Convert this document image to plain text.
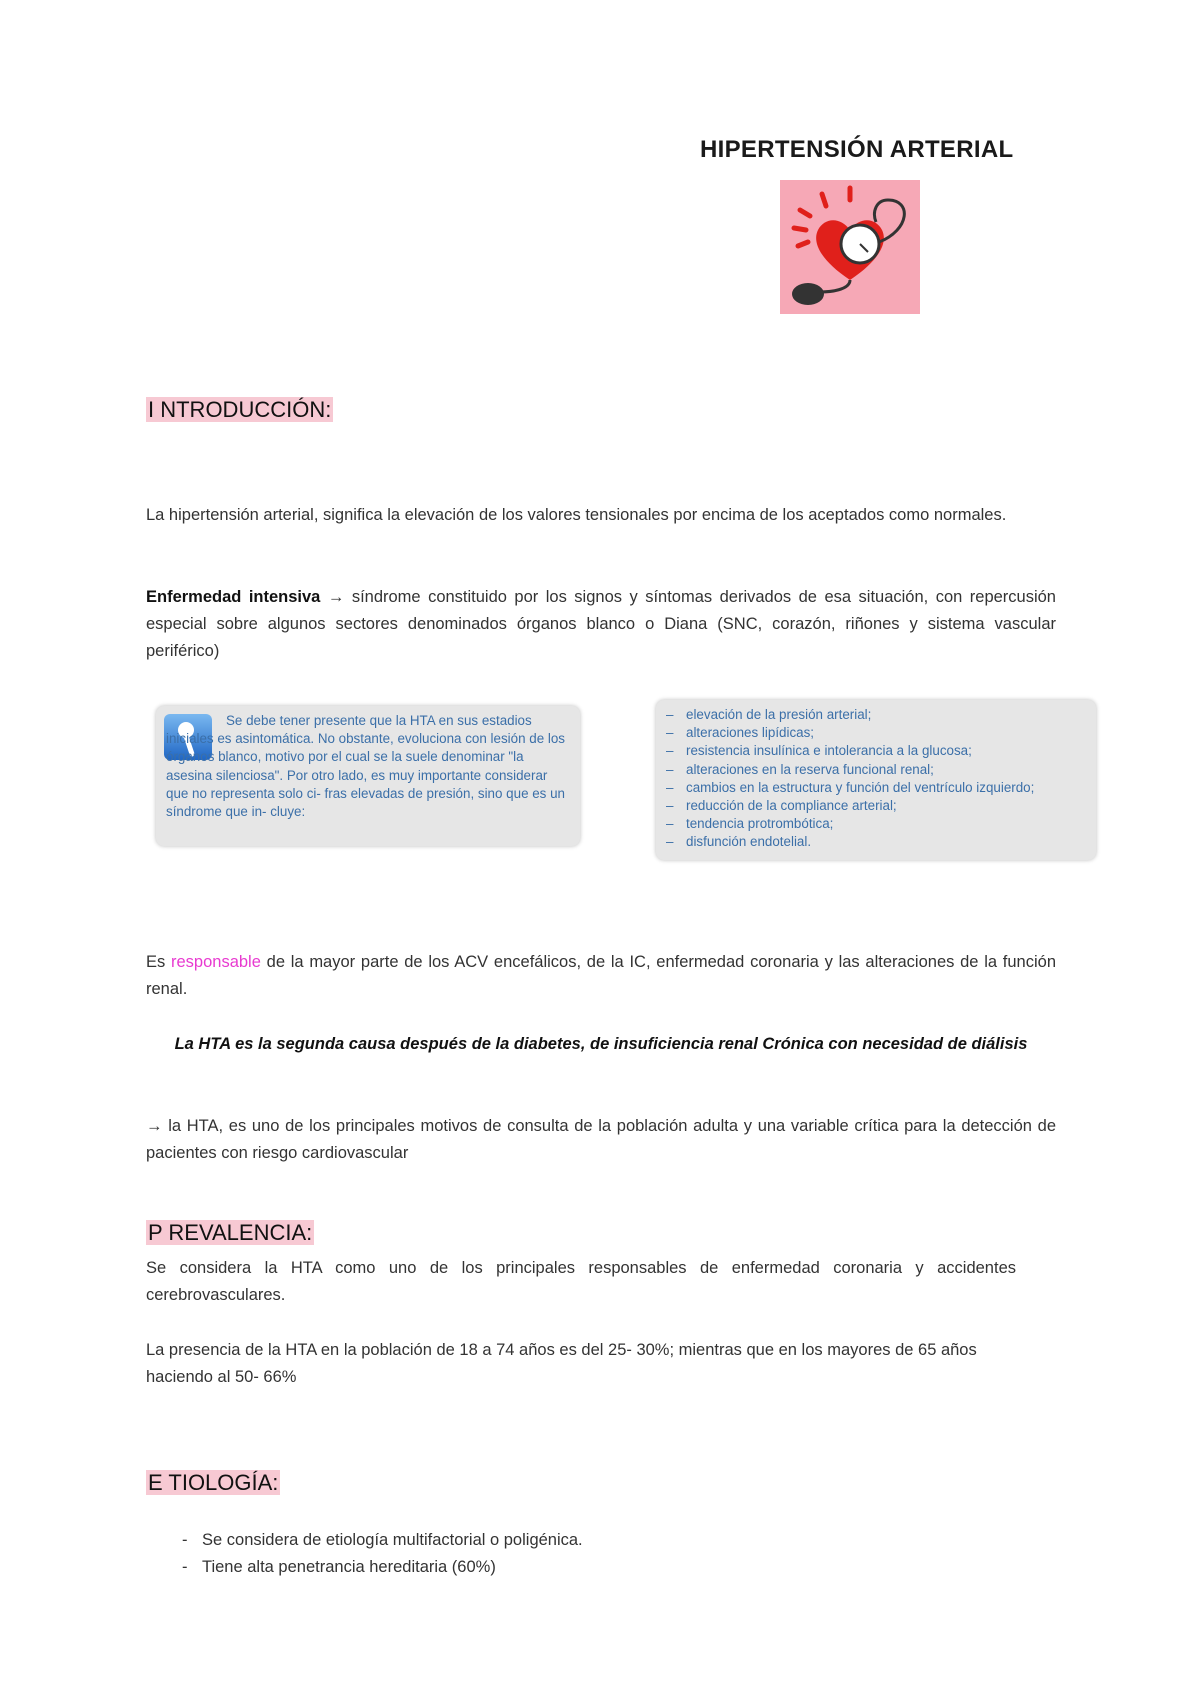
HIPERTENSIÓN ARTERIAL
I NTRODUCCIÓN:
La hipertensión arterial, significa la elevación de los valores tensionales por encima de los aceptados como normales.
Enfermedad intensiva → síndrome constituido por los signos y síntomas derivados de esa situación, con repercusión especial sobre algunos sectores denominados órganos blanco o Diana (SNC, corazón, riñones y sistema vascular periférico)
Se debe tener presente que la HTA en sus estadios iniciales es asintomática. No obstante, evoluciona con lesión de los órganos blanco, motivo por el cual se la suele denominar "la asesina silenciosa". Por otro lado, es muy importante considerar que no representa solo ci- fras elevadas de presión, sino que es un síndrome que in- cluye:
– elevación de la presión arterial;
– alteraciones lipídicas;
– resistencia insulínica e intolerancia a la glucosa;
– alteraciones en la reserva funcional renal;
– cambios en la estructura y función del ventrículo izquierdo;
– reducción de la compliance arterial;
– tendencia protrombótica;
– disfunción endotelial.
Es responsable de la mayor parte de los ACV encefálicos, de la IC, enfermedad coronaria y las alteraciones de la función renal.
La HTA es la segunda causa después de la diabetes, de insuficiencia renal Crónica con necesidad de diálisis
→ la HTA, es uno de los principales motivos de consulta de la población adulta y una variable crítica para la detección de pacientes con riesgo cardiovascular
P REVALENCIA:
Se considera la HTA como uno de los principales responsables de enfermedad coronaria y accidentes cerebrovasculares.
La presencia de la HTA en la población de 18 a 74 años es del 25- 30%; mientras que en los mayores de 65 años haciendo al 50- 66%
E TIOLOGÍA:
- Se considera de etiología multifactorial o poligénica.
- Tiene alta penetrancia hereditaria (60%)
